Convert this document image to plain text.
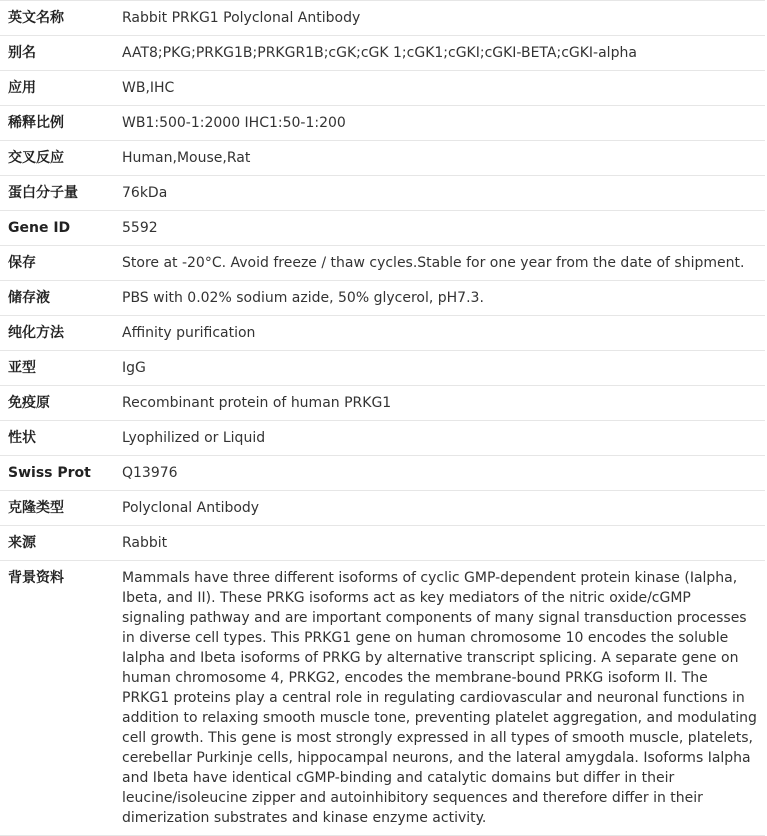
英文名称	Rabbit PRKG1 Polyclonal Antibody
别名	AAT8;PKG;PRKG1B;PRKGR1B;cGK;cGK 1;cGK1;cGKI;cGKI-BETA;cGKI-alpha
应用	WB,IHC
稀释比例	WB1:500-1:2000 IHC1:50-1:200
交叉反应	Human,Mouse,Rat
蛋白分子量	76kDa
Gene ID	5592
保存	Store at -20°C. Avoid freeze / thaw cycles.Stable for one year from the date of shipment.
储存液	PBS with 0.02% sodium azide, 50% glycerol, pH7.3.
纯化方法	Affinity purification
亚型	IgG
免疫原	Recombinant protein of human PRKG1
性状	Lyophilized or Liquid
Swiss Prot	Q13976
克隆类型	Polyclonal Antibody
来源	Rabbit
背景资料	Mammals have three different isoforms of cyclic GMP-dependent protein kinase (Ialpha, Ibeta, and II). These PRKG isoforms act as key mediators of the nitric oxide/cGMP signaling pathway and are important components of many signal transduction processes in diverse cell types. This PRKG1 gene on human chromosome 10 encodes the soluble Ialpha and Ibeta isoforms of PRKG by alternative transcript splicing. A separate gene on human chromosome 4, PRKG2, encodes the membrane-bound PRKG isoform II. The PRKG1 proteins play a central role in regulating cardiovascular and neuronal functions in addition to relaxing smooth muscle tone, preventing platelet aggregation, and modulating cell growth. This gene is most strongly expressed in all types of smooth muscle, platelets, cerebellar Purkinje cells, hippocampal neurons, and the lateral amygdala. Isoforms Ialpha and Ibeta have identical cGMP-binding and catalytic domains but differ in their leucine/isoleucine zipper and autoinhibitory sequences and therefore differ in their dimerization substrates and kinase enzyme activity.
